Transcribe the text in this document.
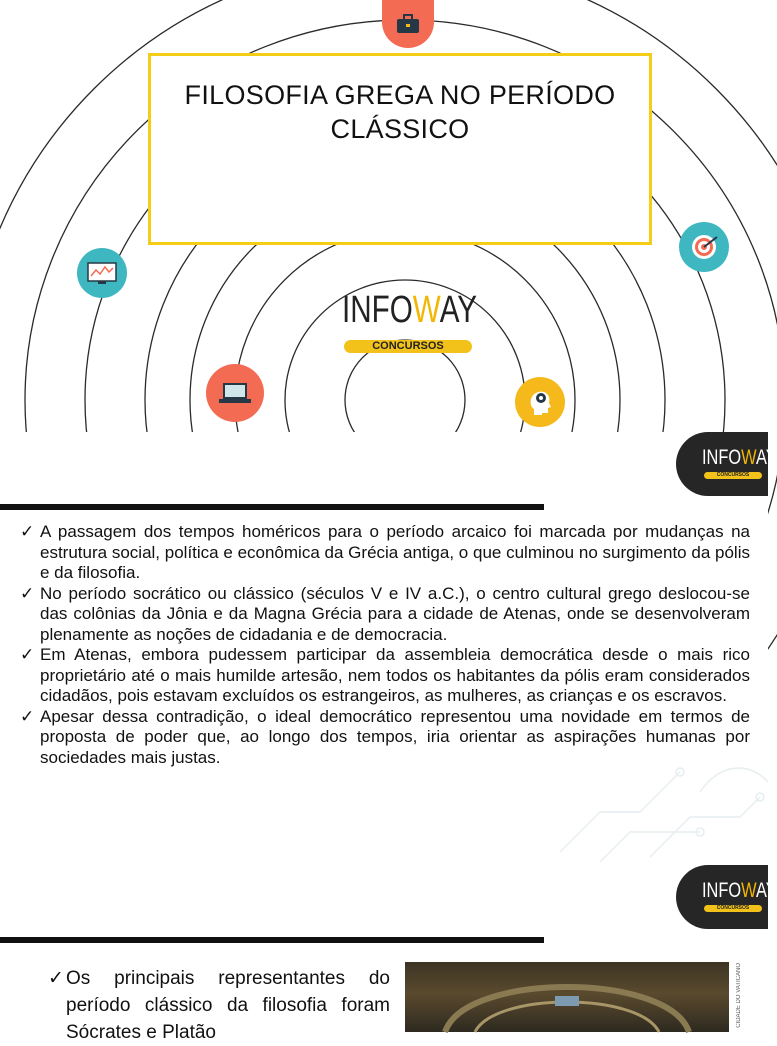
FILOSOFIA GREGA NO PERÍODO CLÁSSICO
INFOWAY
CONCURSOS
INFOWAY
CONCURSOS
✓ A passagem dos tempos homéricos para o período arcaico foi marcada por mudanças na estrutura social, política e econômica da Grécia antiga, o que culminou no surgimento da pólis e da filosofia.
✓ No período socrático ou clássico (séculos V e IV a.C.), o centro cultural grego deslocou-se das colônias da Jônia e da Magna Grécia para a cidade de Atenas, onde se desenvolveram plenamente as noções de cidadania e de democracia.
✓ Em Atenas, embora pudessem participar da assembleia democrática desde o mais rico proprietário até o mais humilde artesão, nem todos os habitantes da pólis eram considerados cidadãos, pois estavam excluídos os estrangeiros, as mulheres, as crianças e os escravos.
✓ Apesar dessa contradição, o ideal democrático representou uma novidade em termos de proposta de poder que, ao longo dos tempos, iria orientar as aspirações humanas por sociedades mais justas.
INFOWAY
CONCURSOS
✓ Os principais representantes do período clássico da filosofia foram Sócrates e Platão
CIDADE DO VATICANO
